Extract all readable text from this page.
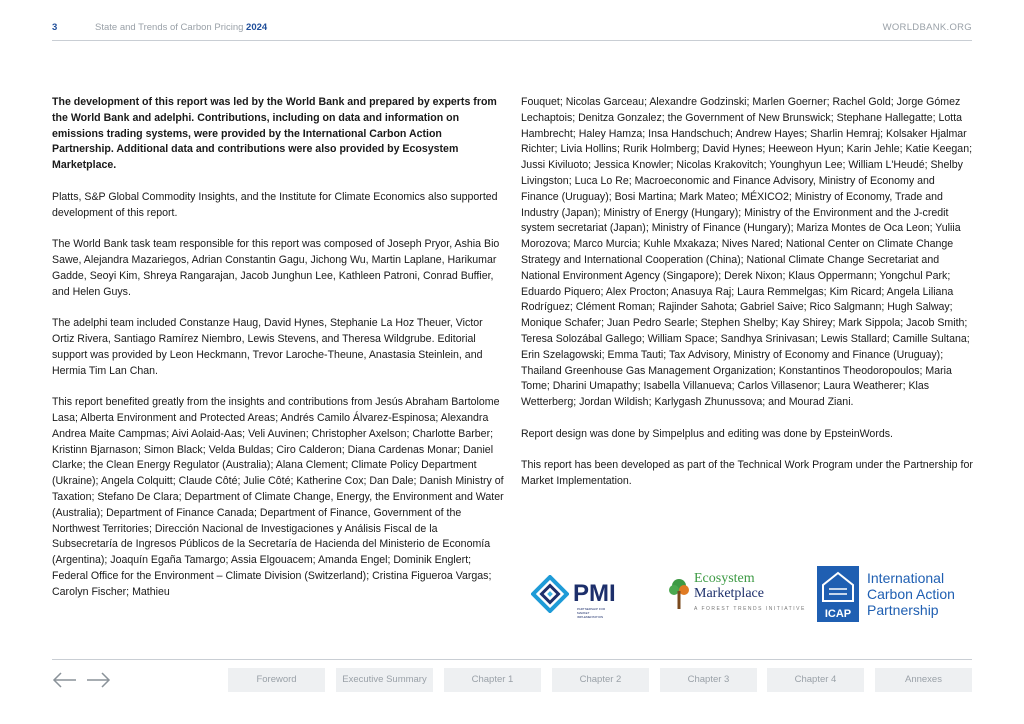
3	State and Trends of Carbon Pricing 2024	WORLDBANK.ORG

The development of this report was led by the World Bank and prepared by experts from the World Bank and adelphi. Contributions, including on data and information on emissions trading systems, were provided by the International Carbon Action Partnership. Additional data and contributions were also provided by Ecosystem Marketplace.

Platts, S&P Global Commodity Insights, and the Institute for Climate Economics also supported development of this report.

The World Bank task team responsible for this report was composed of Joseph Pryor, Ashia Bio Sawe, Alejandra Mazariegos, Adrian Constantin Gagu, Jichong Wu, Martin Laplane, Harikumar Gadde, Seoyi Kim, Shreya Rangarajan, Jacob Junghun Lee, Kathleen Patroni, Conrad Buffier, and Helen Guys.

The adelphi team included Constanze Haug, David Hynes, Stephanie La Hoz Theuer, Victor Ortiz Rivera, Santiago Ramírez Niembro, Lewis Stevens, and Theresa Wildgrube. Editorial support was provided by Leon Heckmann, Trevor Laroche-Theune, Anastasia Steinlein, and Hermia Tim Lan Chan.

This report benefited greatly from the insights and contributions from Jesús Abraham Bartolome Lasa; Alberta Environment and Protected Areas; Andrés Camilo Álvarez-Espinosa; Alexandra Andrea Maite Campmas; Aivi Aolaid-Aas; Veli Auvinen; Christopher Axelson; Charlotte Barber; Kristinn Bjarnason; Simon Black; Velda Buldas; Ciro Calderon; Diana Cardenas Monar; Daniel Clarke; the Clean Energy Regulator (Australia); Alana Clement; Climate Policy Department (Ukraine); Angela Colquitt; Claude Côté; Julie Côté; Katherine Cox; Dan Dale; Danish Ministry of Taxation; Stefano De Clara; Department of Climate Change, Energy, the Environment and Water (Australia); Department of Finance Canada; Department of Finance, Government of the Northwest Territories; Dirección Nacional de Investigaciones y Análisis Fiscal de la Subsecretaría de Ingresos Públicos de la Secretaría de Hacienda del Ministerio de Economía (Argentina); Joaquín Egaña Tamargo; Assia Elgouacem; Amanda Engel; Dominik Englert; Federal Office for the Environment – Climate Division (Switzerland); Cristina Figueroa Vargas; Carolyn Fischer; Mathieu

Fouquet; Nicolas Garceau; Alexandre Godzinski; Marlen Goerner; Rachel Gold; Jorge Gómez Lechaptois; Denitza Gonzalez; the Government of New Brunswick; Stephane Hallegatte; Lotta Hambrecht; Haley Hamza; Insa Handschuch; Andrew Hayes; Sharlin Hemraj; Kolsaker Hjalmar Richter; Livia Hollins; Rurik Holmberg; David Hynes; Heeweon Hyun; Karin Jehle; Katie Keegan; Jussi Kiviluoto; Jessica Knowler; Nicolas Krakovitch; Younghyun Lee; William L'Heudé; Shelby Livingston; Luca Lo Re; Macroeconomic and Finance Advisory, Ministry of Economy and Finance (Uruguay); Bosi Martina; Mark Mateo; MÉXICO2; Ministry of Economy, Trade and Industry (Japan); Ministry of Energy (Hungary); Ministry of the Environment and the J-credit system secretariat (Japan); Ministry of Finance (Hungary); Mariza Montes de Oca Leon; Yuliia Morozova; Marco Murcia; Kuhle Mxakaza; Nives Nared; National Center on Climate Change Strategy and International Cooperation (China); National Climate Change Secretariat and National Environment Agency (Singapore); Derek Nixon; Klaus Oppermann; Yongchul Park; Eduardo Piquero; Alex Procton; Anasuya Raj; Laura Remmelgas; Kim Ricard; Angela Liliana Rodríguez; Clément Roman; Rajinder Sahota; Gabriel Saive; Rico Salgmann; Hugh Salway; Monique Schafer; Juan Pedro Searle; Stephen Shelby; Kay Shirey; Mark Sippola; Jacob Smith; Teresa Solozábal Gallego; William Space; Sandhya Srinivasan; Lewis Stallard; Camille Sultana; Erin Szelagowski; Emma Tauti; Tax Advisory, Ministry of Economy and Finance (Uruguay); Thailand Greenhouse Gas Management Organization; Konstantinos Theodoropoulos; Maria Tome; Dharini Umapathy; Isabella Villanueva; Carlos Villasenor; Laura Weatherer; Klas Wetterberg; Jordan Wildish; Karlygash Zhunussova; and Mourad Ziani.

Report design was done by Simpelplus and editing was done by EpsteinWords.

This report has been developed as part of the Technical Work Program under the Partnership for Market Implementation.

PMI
PARTNERSHIP FOR MARKET IMPLEMENTATION
Ecosystem
Marketplace
A FOREST TRENDS INITIATIVE	ICAP
International
Carbon Action
Partnership
Foreword	Executive Summary	Chapter 1	Chapter 2	Chapter 3	Chapter 4	Annexes
